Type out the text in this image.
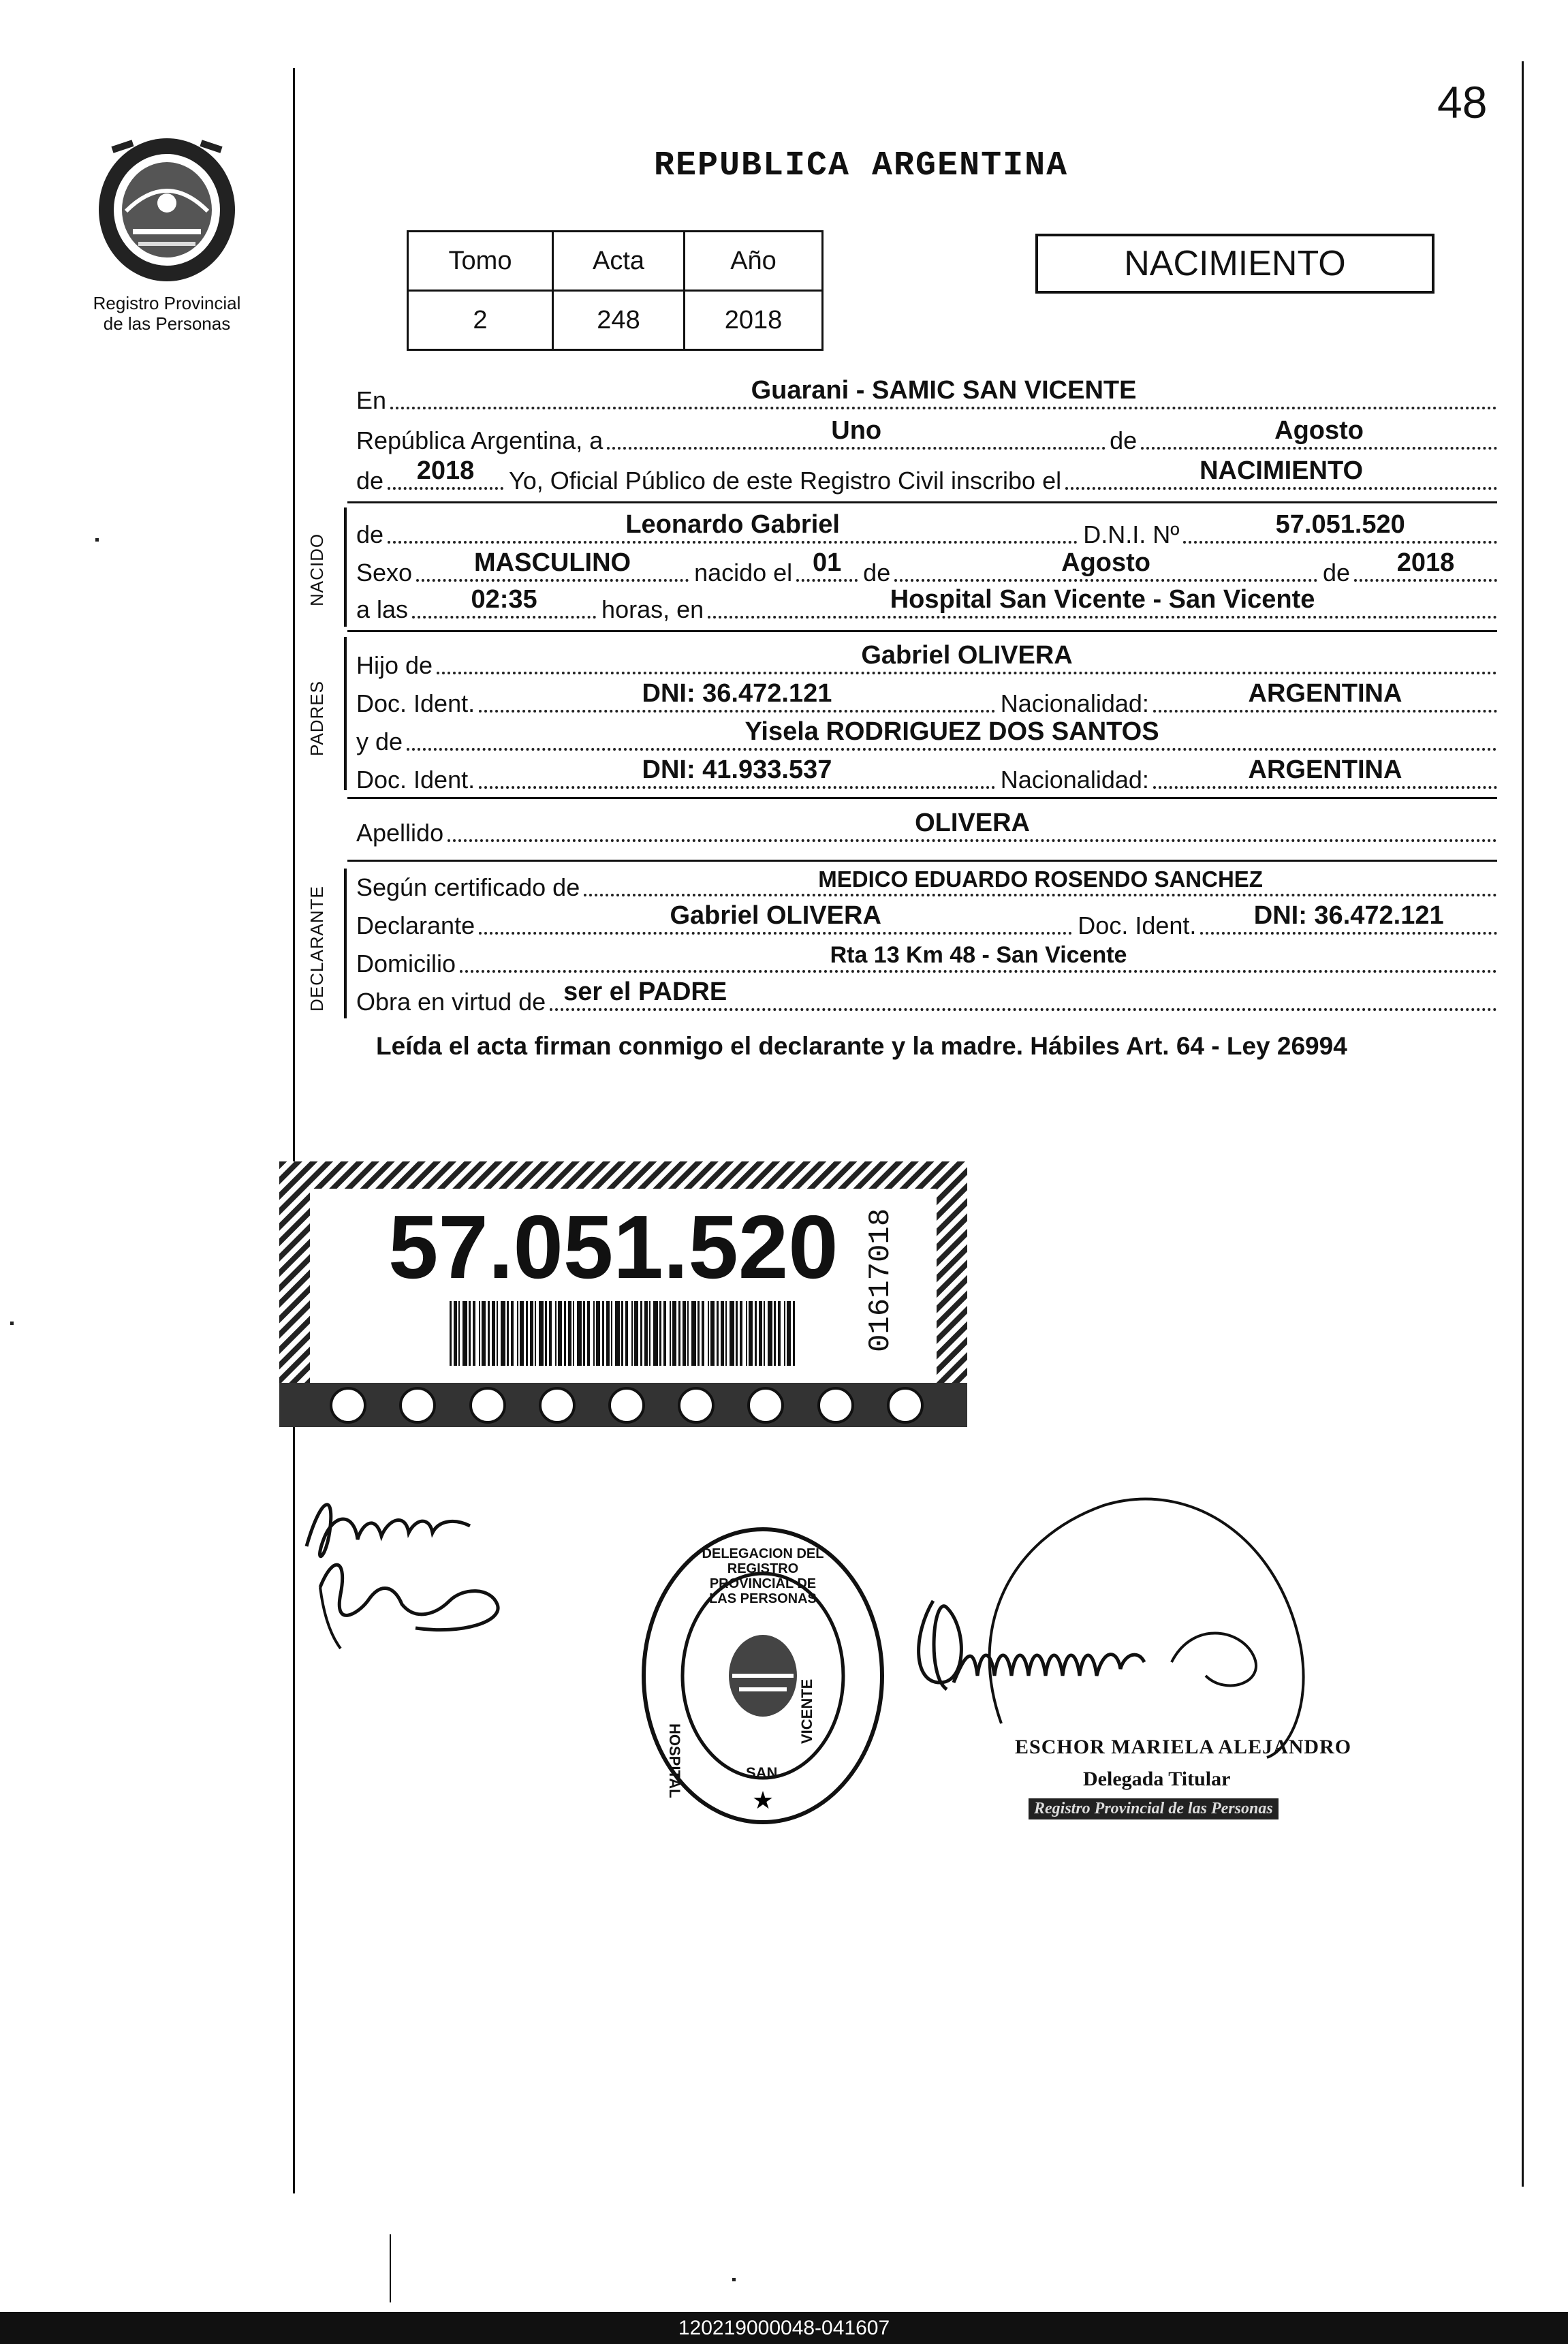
48
Registro Provincial
de las Personas
REPUBLICA ARGENTINA
Tomo	Acta	Año
2	248	2018
NACIMIENTO
En	Guarani - SAMIC SAN VICENTE
República Argentina, a	Uno	de	Agosto
de	2018	Yo, Oficial Público de este Registro Civil inscribo el	NACIMIENTO
NACIDO de	Leonardo Gabriel	D.N.I. Nº	57.051.520
Sexo	MASCULINO	nacido el 01 de	Agosto	de	2018
a las	02:35	horas, en	Hospital San Vicente - San Vicente
PADRES
Hijo de	Gabriel OLIVERA
Doc. Ident.	DNI: 36.472.121	Nacionalidad:	ARGENTINA
y de	Yisela RODRIGUEZ DOS SANTOS
Doc. Ident.	DNI: 41.933.537	Nacionalidad:	ARGENTINA
Apellido	OLIVERA
DECLARANTE Según certificado de	MEDICO EDUARDO ROSENDO SANCHEZ
Declarante	Gabriel OLIVERA	Doc. Ident.	DNI: 36.472.121
Domicilio	Rta 13 Km 48 - San Vicente
Obra en virtud de ser el PADRE
Leída el acta firman conmigo el declarante y la madre. Hábiles Art. 64 - Ley 26994
57.051.520 01617018
★
DELEGACION DEL REGISTRO PROVINCIAL DE LAS PERSONAS
HOSPITAL
VICENTE
SAN
ESCHOR MARIELA ALEJANDRO
Delegada Titular
Registro Provincial de las Personas
120219000048-041607
